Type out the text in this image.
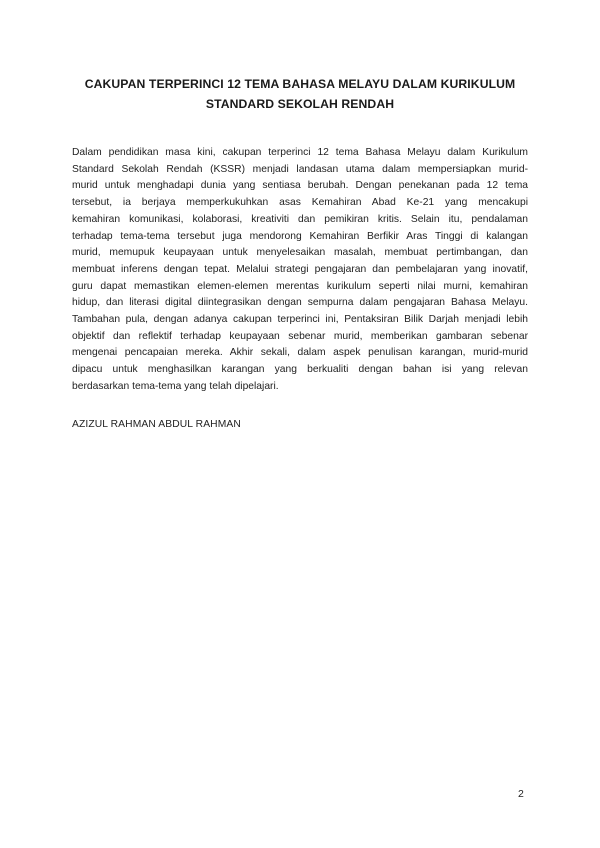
CAKUPAN TERPERINCI 12 TEMA BAHASA MELAYU DALAM KURIKULUM
STANDARD SEKOLAH RENDAH
Dalam pendidikan masa kini, cakupan terperinci 12 tema Bahasa Melayu dalam Kurikulum
Standard Sekolah Rendah (KSSR) menjadi landasan utama dalam mempersiapkan murid-
murid untuk menghadapi dunia yang sentiasa berubah. Dengan penekanan pada 12 tema
tersebut, ia berjaya memperkukuhkan asas Kemahiran Abad Ke-21 yang mencakupi
kemahiran komunikasi, kolaborasi, kreativiti dan pemikiran kritis. Selain itu, pendalaman
terhadap tema-tema tersebut juga mendorong Kemahiran Berfikir Aras Tinggi di kalangan
murid, memupuk keupayaan untuk menyelesaikan masalah, membuat pertimbangan, dan
membuat inferens dengan tepat. Melalui strategi pengajaran dan pembelajaran yang inovatif,
guru dapat memastikan elemen-elemen merentas kurikulum seperti nilai murni, kemahiran
hidup, dan literasi digital diintegrasikan dengan sempurna dalam pengajaran Bahasa Melayu.
Tambahan pula, dengan adanya cakupan terperinci ini, Pentaksiran Bilik Darjah menjadi lebih
objektif dan reflektif terhadap keupayaan sebenar murid, memberikan gambaran sebenar
mengenai pencapaian mereka. Akhir sekali, dalam aspek penulisan karangan, murid-murid
dipacu untuk menghasilkan karangan yang berkualiti dengan bahan isi yang relevan
berdasarkan tema-tema yang telah dipelajari.
AZIZUL RAHMAN ABDUL RAHMAN
2
